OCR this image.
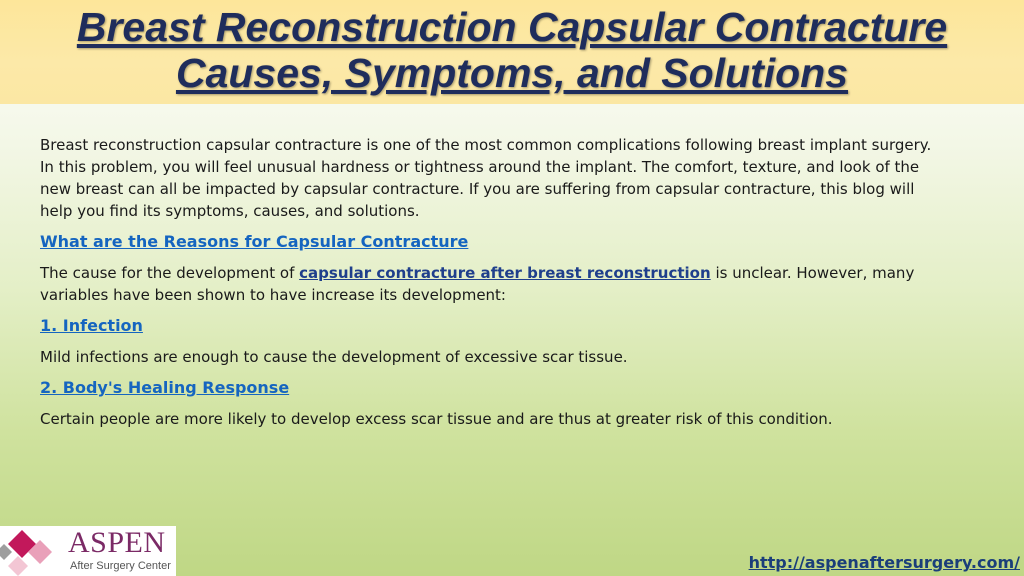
Breast Reconstruction Capsular Contracture
Causes, Symptoms, and Solutions

Breast reconstruction capsular contracture is one of the most common complications following breast implant surgery. In this problem, you will feel unusual hardness or tightness around the implant. The comfort, texture, and look of the new breast can all be impacted by capsular contracture. If you are suffering from capsular contracture, this blog will help you find its symptoms, causes, and solutions.

What are the Reasons for Capsular Contracture

The cause for the development of capsular contracture after breast reconstruction is unclear. However, many variables have been shown to have increase its development:

1. Infection

Mild infections are enough to cause the development of excessive scar tissue.

2. Body's Healing Response

Certain people are more likely to develop excess scar tissue and are thus at greater risk of this condition.

ASPEN
After Surgery Center	http://aspenaftersurgery.com/
